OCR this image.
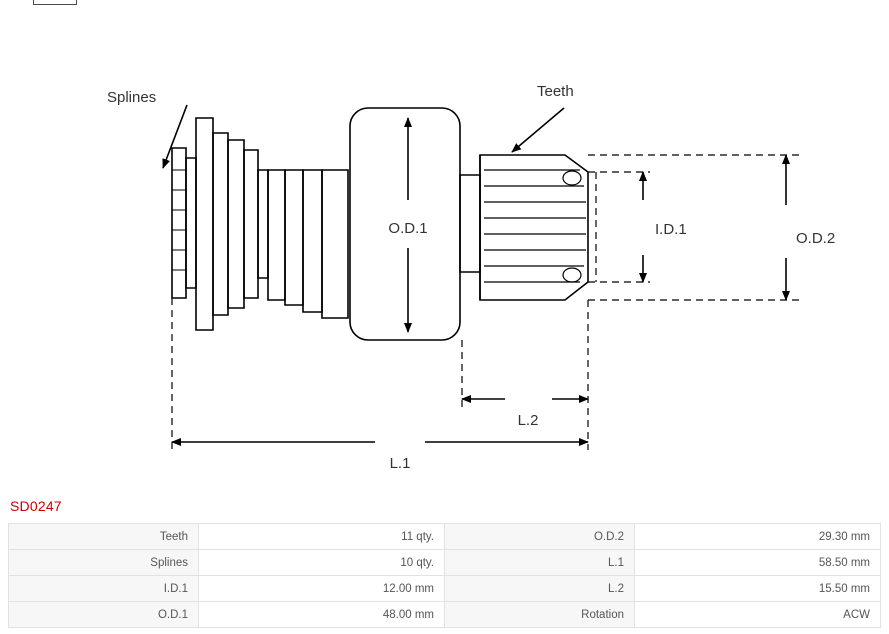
O.D.1	I.D.1
O.D.2
L.2
L.1
Splines	Teeth
SD0247
Teeth	11 qty.	O.D.2	29.30 mm
Splines	10 qty.	L.1	58.50 mm
I.D.1	12.00 mm	L.2	15.50 mm
O.D.1	48.00 mm	Rotation	ACW
